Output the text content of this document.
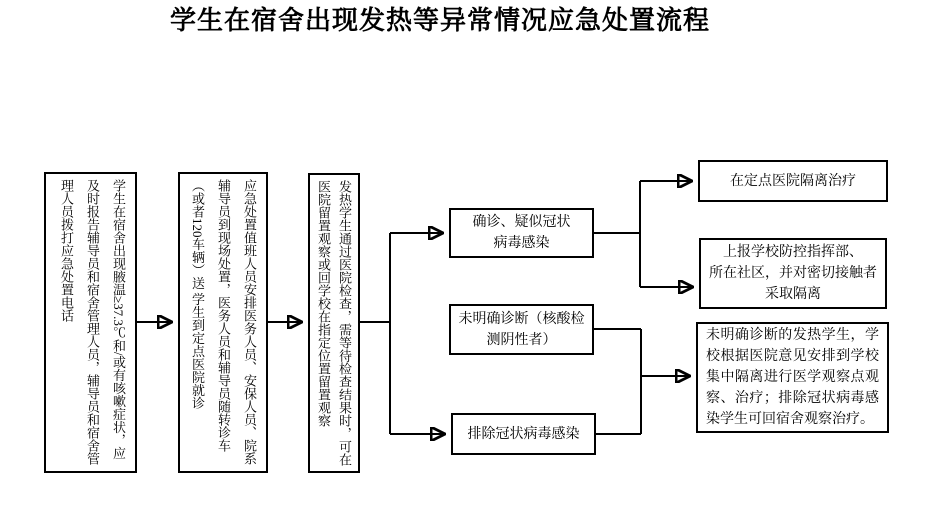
学生在宿舍出现发热等异常情况应急处置流程
学生在宿舍出现腋温≥37.3℃和/或有咳嗽症状，应及时报告辅导员和宿舍管理人员，辅导员和宿舍管理人员拨打应急处置电话	应急处置值班人员安排医务人员、安保人员、院系辅导员到现场处置，医务人员和辅导员随转诊车（或者120车辆）送 学生到定点医院就诊	发热学生通过医院检查，需等待检查结果时，可在医院留置观察或回学校在指定位置留置观察	确诊、疑似冠状
病毒感染
未明确诊断（核酸检
测阴性者）
排除冠状病毒感染
在定点医院隔离治疗
上报学校防控指挥部、
所在社区，并对密切接触者
采取隔离
未明确诊断的发热学生，学校根据医院意见安排到学校集中隔离进行医学观察点观察、治疗；排除冠状病毒感染学生可回宿舍观察治疗。
